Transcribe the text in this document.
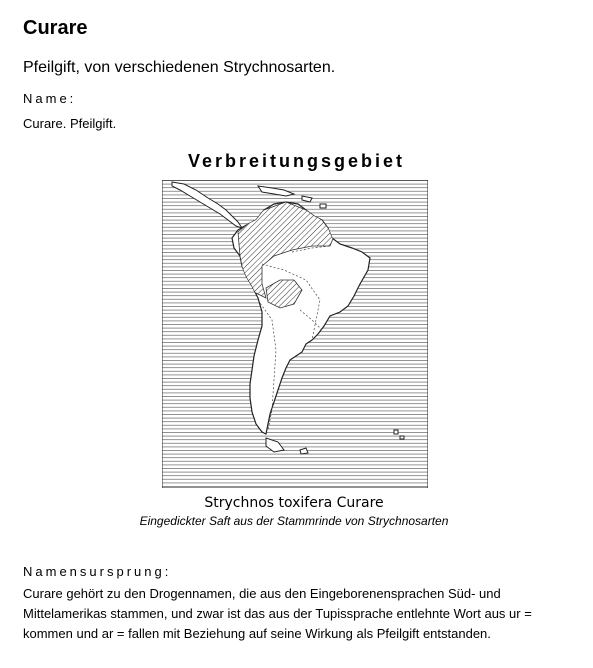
Curare
Pfeilgift, von verschiedenen Strychnosarten.
Name:
Curare. Pfeilgift.
Verbreitungsgebiet
Strychnos toxifera Curare
Eingedickter Saft aus der Stammrinde von Strychnosarten
Namensursprung:
Curare gehört zu den Drogennamen, die aus den Eingeborenensprachen Süd- und Mittelamerikas stammen, und zwar ist das aus der Tupissprache entlehnte Wort aus ur = kommen und ar = fallen mit Beziehung auf seine Wirkung als Pfeilgift entstanden.
